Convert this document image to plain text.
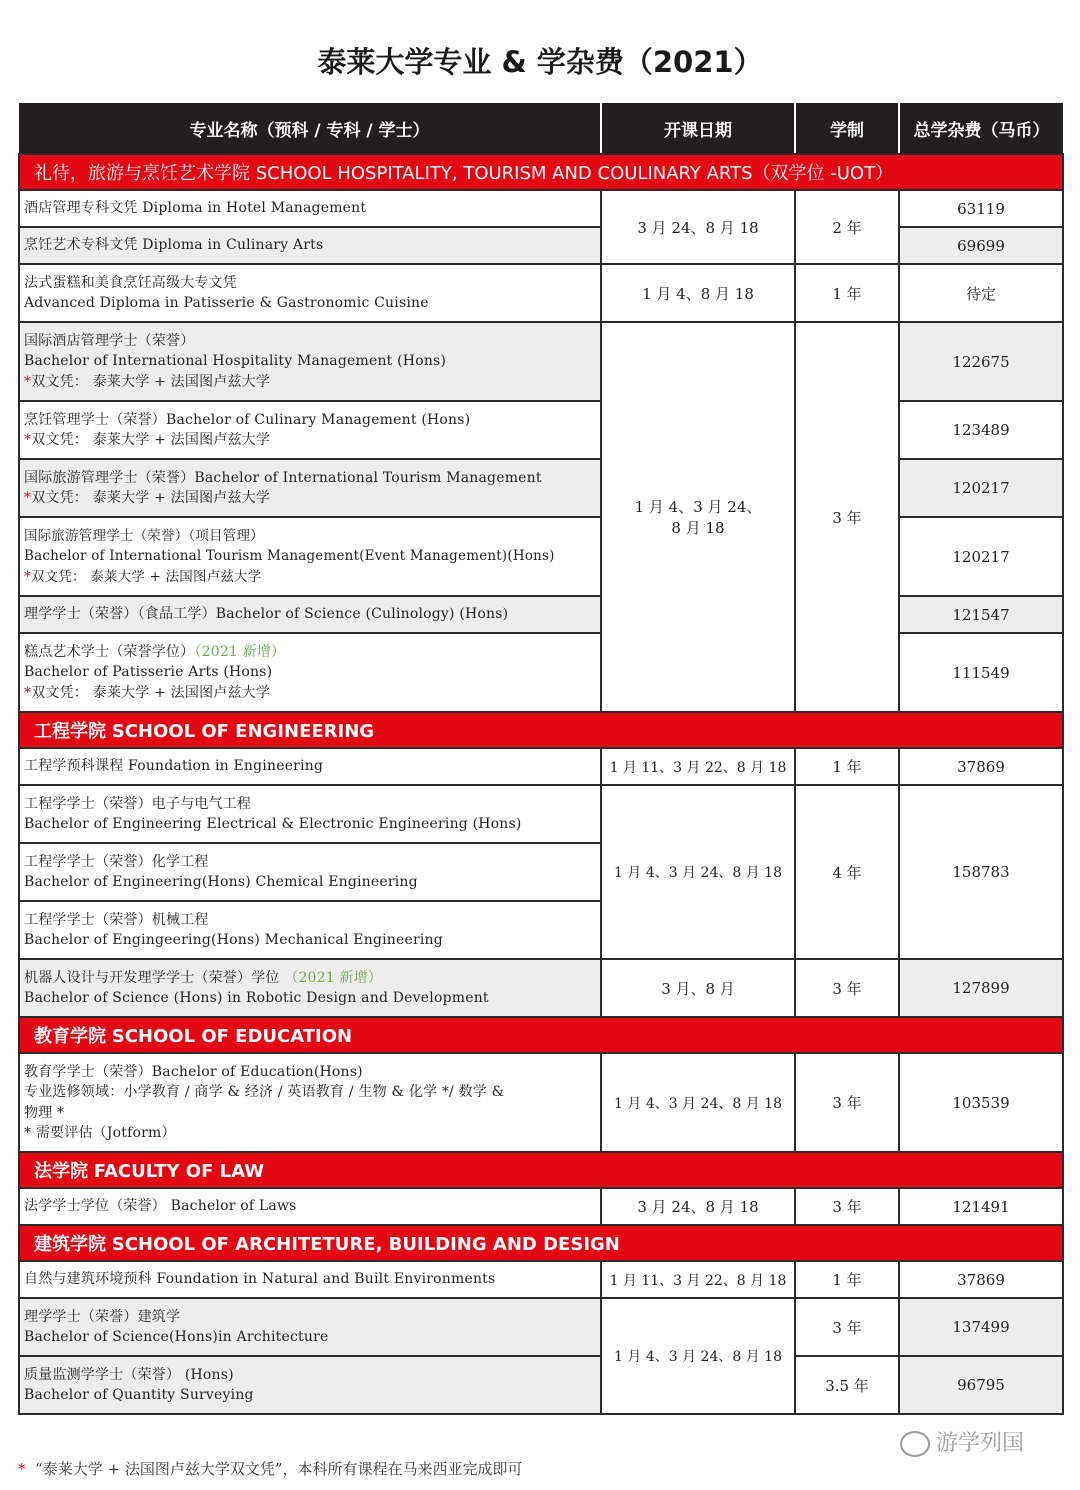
泰莱大学专业 & 学杂费（2021）
专业名称（预科 / 专科 / 学士）	开课日期	学制	总学杂费（马币）
礼待，旅游与烹饪艺术学院 SCHOOL HOSPITALITY, TOURISM AND COULINARY ARTS（双学位 -UOT）			
酒店管理专科文凭 Diploma in Hotel Management	3 月 24、8 月 18	2 年	63119
烹饪艺术专科文凭 Diploma in Culinary Arts			69699

法式蛋糕和美食烹饪高级大专文凭
Advanced Diploma in Patisserie & Gastronomic Cuisine	1 月 4、8 月 18	1 年	待定

国际酒店管理学士（荣誉）
Bachelor of International Hospitality Management (Hons)
*双文凭： 泰莱大学 + 法国图卢兹大学	1 月 4、3 月 24、8 月 18	3 年	122675

烹饪管理学士（荣誉）Bachelor of Culinary Management (Hons)
*双文凭： 泰莱大学 + 法国图卢兹大学			123489

国际旅游管理学士（荣誉）Bachelor of International Tourism Management
*双文凭： 泰莱大学 + 法国图卢兹大学			120217

国际旅游管理学士（荣誉）（项目管理）
Bachelor of International Tourism Management(Event Management)(Hons)
*双文凭： 泰莱大学 + 法国图卢兹大学			120217
理学学士（荣誉）（食品工学）Bachelor of Science (Culinology) (Hons)			121547

糕点艺术学士（荣誉学位）（2021 新增）
Bachelor of Patisserie Arts (Hons)
*双文凭： 泰莱大学 + 法国图卢兹大学			111549
工程学院 SCHOOL OF ENGINEERING			
工程学预科课程 Foundation in Engineering	1 月 11、3 月 22、8 月 18	1 年	37869

工程学学士（荣誉）电子与电气工程
Bachelor of Engineering Electrical & Electronic Engineering (Hons)	1 月 4、3 月 24、8 月 18	4 年	158783

工程学学士（荣誉）化学工程
Bachelor of Engineering(Hons) Chemical Engineering			

工程学学士（荣誉）机械工程
Bachelor of Engingeering(Hons) Mechanical Engineering			

机器人设计与开发理学学士（荣誉）学位 （2021 新增）
Bachelor of Science (Hons) in Robotic Design and Development	3 月、8 月	3 年	127899
教育学院 SCHOOL OF EDUCATION			

教育学学士（荣誉）Bachelor of Education(Hons)
专业选修领域：小学教育 / 商学 & 经济 / 英语教育 / 生物 & 化学 */ 数学 &
物理 *
* 需要评估（Jotform）	1 月 4、3 月 24、8 月 18	3 年	103539
法学院 FACULTY OF LAW			
法学学士学位（荣誉） Bachelor of Laws	3 月 24、8 月 18	3 年	121491
建筑学院 SCHOOL OF ARCHITETURE, BUILDING AND DESIGN			
自然与建筑环境预科 Foundation in Natural and Built Environments	1 月 11、3 月 22、8 月 18	1 年	37869

理学学士（荣誉）建筑学
Bachelor of Science(Hons)in Architecture	1 月 4、3 月 24、8 月 18	3 年	137499

质量监测学学士（荣誉） (Hons)
Bachelor of Quantity Surveying		3.5 年	96795
* “泰莱大学 + 法国图卢兹大学双文凭”，本科所有课程在马来西亚完成即可
游学列国
